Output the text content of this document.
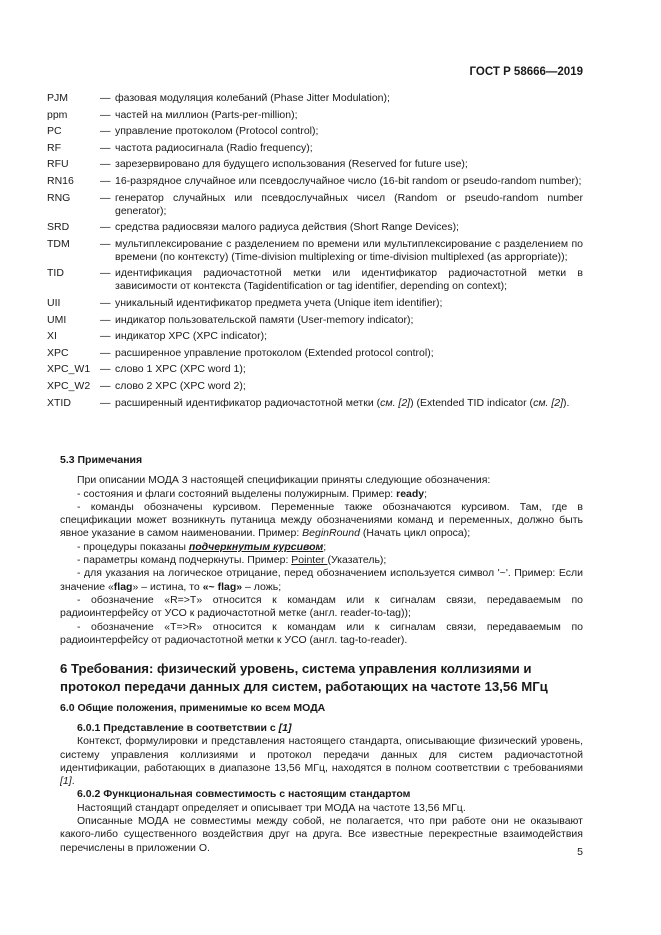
ГОСТ Р 58666—2019
PJM	— фазовая модуляция колебаний (Phase Jitter Modulation);
ppm	— частей на миллион (Parts-per-million);
PC	— управление протоколом (Protocol control);
RF	— частота радиосигнала (Radio frequency);
RFU	— зарезервировано для будущего использования (Reserved for future use);
RN16	— 16-разрядное случайное или псевдослучайное число (16-bit random or pseudo-random number);
RNG	— генератор случайных или псевдослучайных чисел (Random or pseudo-random number generator);
SRD	— средства радиосвязи малого радиуса действия (Short Range Devices);
TDM	— мультиплексирование с разделением по времени или мультиплексирование с разделением по времени (по контексту) (Time-division multiplexing or time-division multiplexed (as appropriate));
TID	— идентификация радиочастотной метки или идентификатор радиочастотной метки в зависимости от контекста (Tagidentification or tag identifier, depending on context);
UII	— уникальный идентификатор предмета учета (Unique item identifier);
UMI	— индикатор пользовательской памяти (User-memory indicator);
XI	— индикатор XPC (XPC indicator);
XPC	— расширенное управление протоколом (Extended protocol control);
XPC_W1 — слово 1 XPC (XPC word 1);
XPC_W2 — слово 2 XPC (XPC word 2);
XTID	— расширенный идентификатор радиочастотной метки (см. [2]) (Extended TID indicator (см. [2]).
5.3 Примечания

При описании МОДА 3 настоящей спецификации приняты следующие обозначения:

- состояния и флаги состояний выделены полужирным. Пример: ready;

- команды обозначены курсивом. Переменные также обозначаются курсивом. Там, где в спецификации может возникнуть путаница между обозначениями команд и переменных, должно быть явное указание в самом наименовании. Пример: BeginRound (Начать цикл опроса);

- процедуры показаны подчеркнутым курсивом;

- параметры команд подчеркнуты. Пример: Pointer (Указатель);

- для указания на логическое отрицание, перед обозначением используется символ '~'. Пример: Если значение «flag» – истина, то «~ flag» – ложь;

- обозначение «R=>T» относится к командам или к сигналам связи, передаваемым по радиоинтерфейсу от УСО к радиочастотной метке (англ. reader-to-tag));

- обозначение «T=>R» относится к командам или к сигналам связи, передаваемым по радиоинтерфейсу от радиочастотной метки к УСО (англ. tag-to-reader).

6 Требования: физический уровень, система управления коллизиями и протокол передачи данных для систем, работающих на частоте 13,56 МГц
6.0 Общие положения, применимые ко всем МОДА
6.0.1 Представление в соответствии с [1]

Контекст, формулировки и представления настоящего стандарта, описывающие физический уровень, систему управления коллизиями и протокол передачи данных для систем радиочастотной идентификации, работающих в диапазоне 13,56 МГц, находятся в полном соответствии с требованиями [1].

6.0.2 Функциональная совместимость с настоящим стандартом

Настоящий стандарт определяет и описывает три МОДА на частоте 13,56 МГц.

Описанные МОДА не совместимы между собой, не полагается, что при работе они не оказывают какого-либо существенного воздействия друг на друга. Все известные перекрестные взаимодействия перечислены в приложении О.	5
